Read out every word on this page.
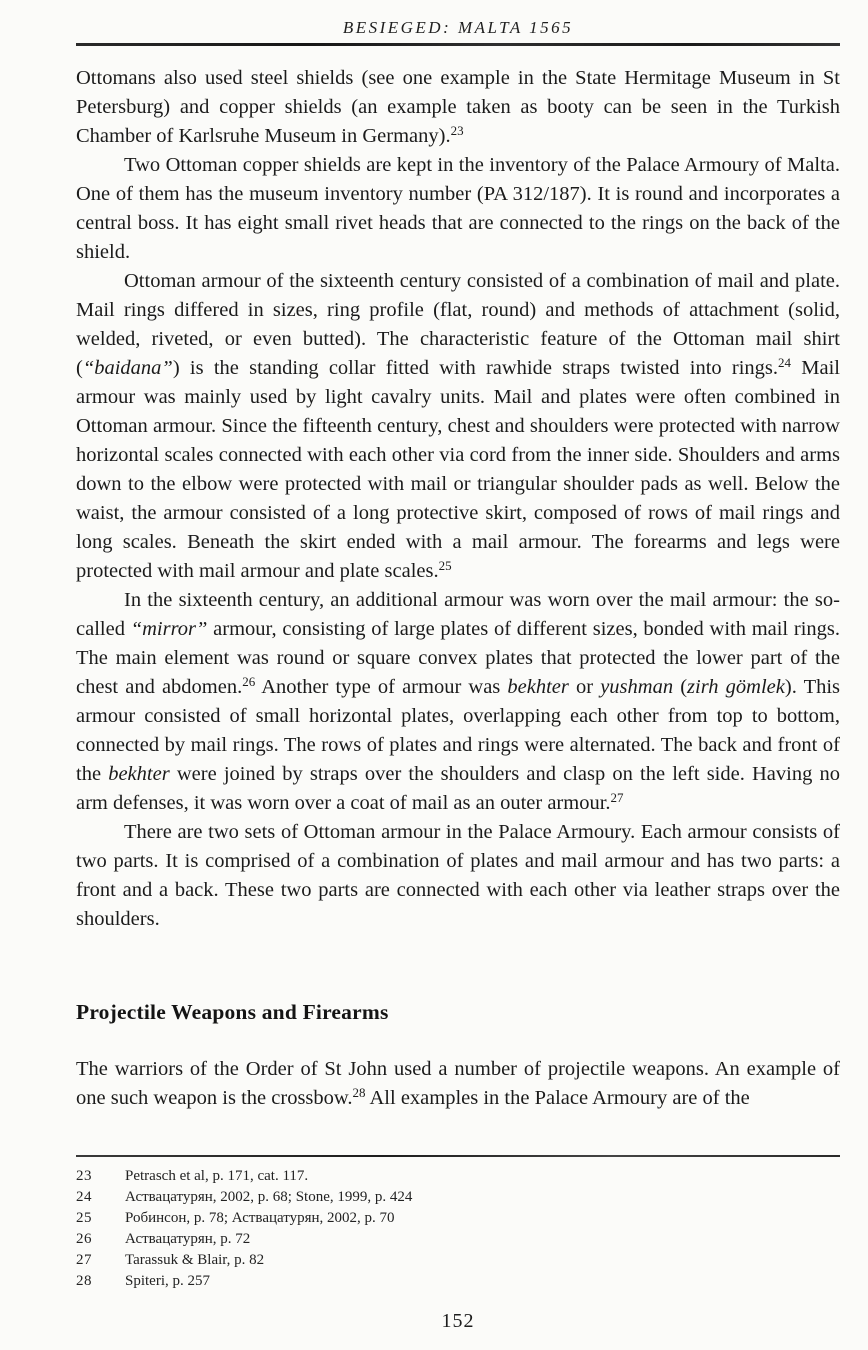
BESIEGED: MALTA 1565

Ottomans also used steel shields (see one example in the State Hermitage Museum in St Petersburg) and copper shields (an example taken as booty can be seen in the Turkish Chamber of Karlsruhe Museum in Germany).$^{23}$

Two Ottoman copper shields are kept in the inventory of the Palace Armoury of Malta. One of them has the museum inventory number (PA 312/187). It is round and incorporates a central boss. It has eight small rivet heads that are connected to the rings on the back of the shield.

Ottoman armour of the sixteenth century consisted of a combination of mail and plate. Mail rings differed in sizes, ring profile (flat, round) and methods of attachment (solid, welded, riveted, or even butted). The characteristic feature of the Ottoman mail shirt (“baidana”) is the standing collar fitted with rawhide straps twisted into rings.$^{24}$ Mail armour was mainly used by light cavalry units. Mail and plates were often combined in Ottoman armour. Since the fifteenth century, chest and shoulders were protected with narrow horizontal scales connected with each other via cord from the inner side. Shoulders and arms down to the elbow were protected with mail or triangular shoulder pads as well. Below the waist, the armour consisted of a long protective skirt, composed of rows of mail rings and long scales. Beneath the skirt ended with a mail armour. The forearms and legs were protected with mail armour and plate scales.$^{25}$

In the sixteenth century, an additional armour was worn over the mail armour: the so-called “mirror” armour, consisting of large plates of different sizes, bonded with mail rings. The main element was round or square convex plates that protected the lower part of the chest and abdomen.$^{26}$ Another type of armour was bekhter or yushman (zirh gömlek). This armour consisted of small horizontal plates, overlapping each other from top to bottom, connected by mail rings. The rows of plates and rings were alternated. The back and front of the bekhter were joined by straps over the shoulders and clasp on the left side. Having no arm defenses, it was worn over a coat of mail as an outer armour.$^{27}$

There are two sets of Ottoman armour in the Palace Armoury. Each armour consists of two parts. It is comprised of a combination of plates and mail armour and has two parts: a front and a back. These two parts are connected with each other via leather straps over the shoulders.

Projectile Weapons and Firearms

The warriors of the Order of St John used a number of projectile weapons. An example of one such weapon is the crossbow.$^{28}$ All examples in the Palace Armoury are of the

23	Petrasch et al, p. 171, cat. 117.
24	Аствацатурян, 2002, p. 68; Stone, 1999, p. 424
25	Робинсон, p. 78; Аствацатурян, 2002, p. 70
26	Аствацатурян, p. 72
27	Tarassuk & Blair, p. 82
28	Spiteri, p. 257
152
